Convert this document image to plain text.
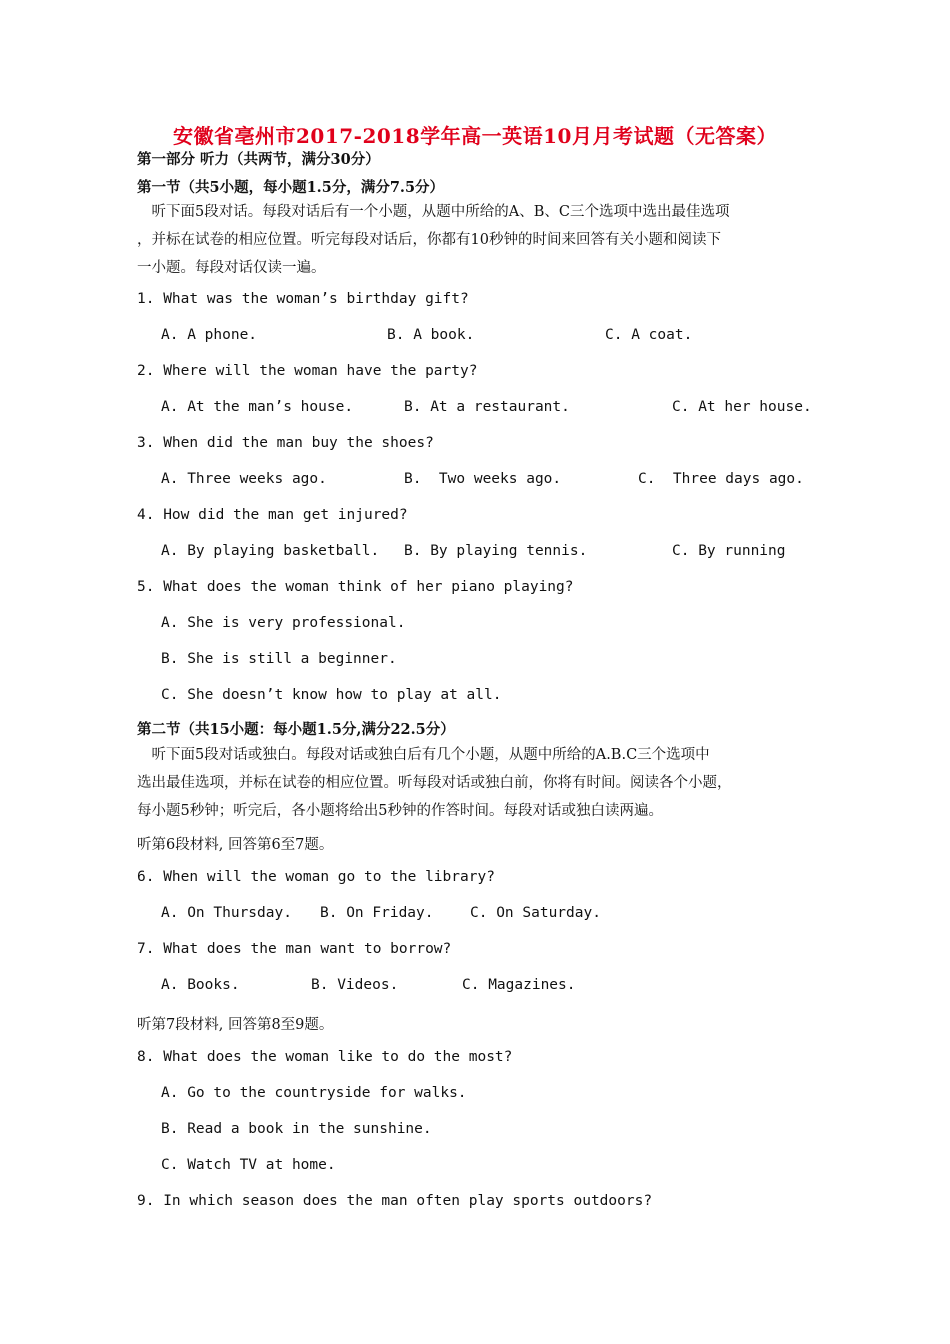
安徽省亳州市2017-2018学年高一英语10月月考试题（无答案）
第一部分 听力（共两节，满分30分）
第一节（共5小题，每小题1.5分，满分7.5分）
　听下面5段对话。每段对话后有一个小题，从题中所给的A、B、C三个选项中选出最佳选项
，并标在试卷的相应位置。听完每段对话后，你都有10秒钟的时间来回答有关小题和阅读下
一小题。每段对话仅读一遍。
1. What was the woman’s birthday gift?
A. A phone.	B. A book.	C. A coat.
2. Where will the woman have the party?
A. At the man’s house.	B. At a restaurant.	C. At her house.
3. When did the man buy the shoes?
A. Three weeks ago.	B.  Two weeks ago.	C.  Three days ago.
4. How did the man get injured?
A. By playing basketball. B. By playing tennis.	C. By running
5. What does the woman think of her piano playing?
A. She is very professional.
B. She is still a beginner.
C. She doesn’t know how to play at all.
第二节（共15小题：每小题1.5分,满分22.5分）
　听下面5段对话或独白。每段对话或独白后有几个小题，从题中所给的A.B.C三个选项中
选出最佳选项，并标在试卷的相应位置。听每段对话或独白前，你将有时间。阅读各个小题，
每小题5秒钟；听完后，各小题将给出5秒钟的作答时间。每段对话或独白读两遍。
听第6段材料, 回答第6至7题。
6. When will the woman go to the library?
A. On Thursday. B. On Friday.	C. On Saturday.
7. What does the man want to borrow?
A. Books.	B. Videos.	C. Magazines.
听第7段材料, 回答第8至9题。
8. What does the woman like to do the most?
A. Go to the countryside for walks.
B. Read a book in the sunshine.
C. Watch TV at home.
9. In which season does the man often play sports outdoors?
